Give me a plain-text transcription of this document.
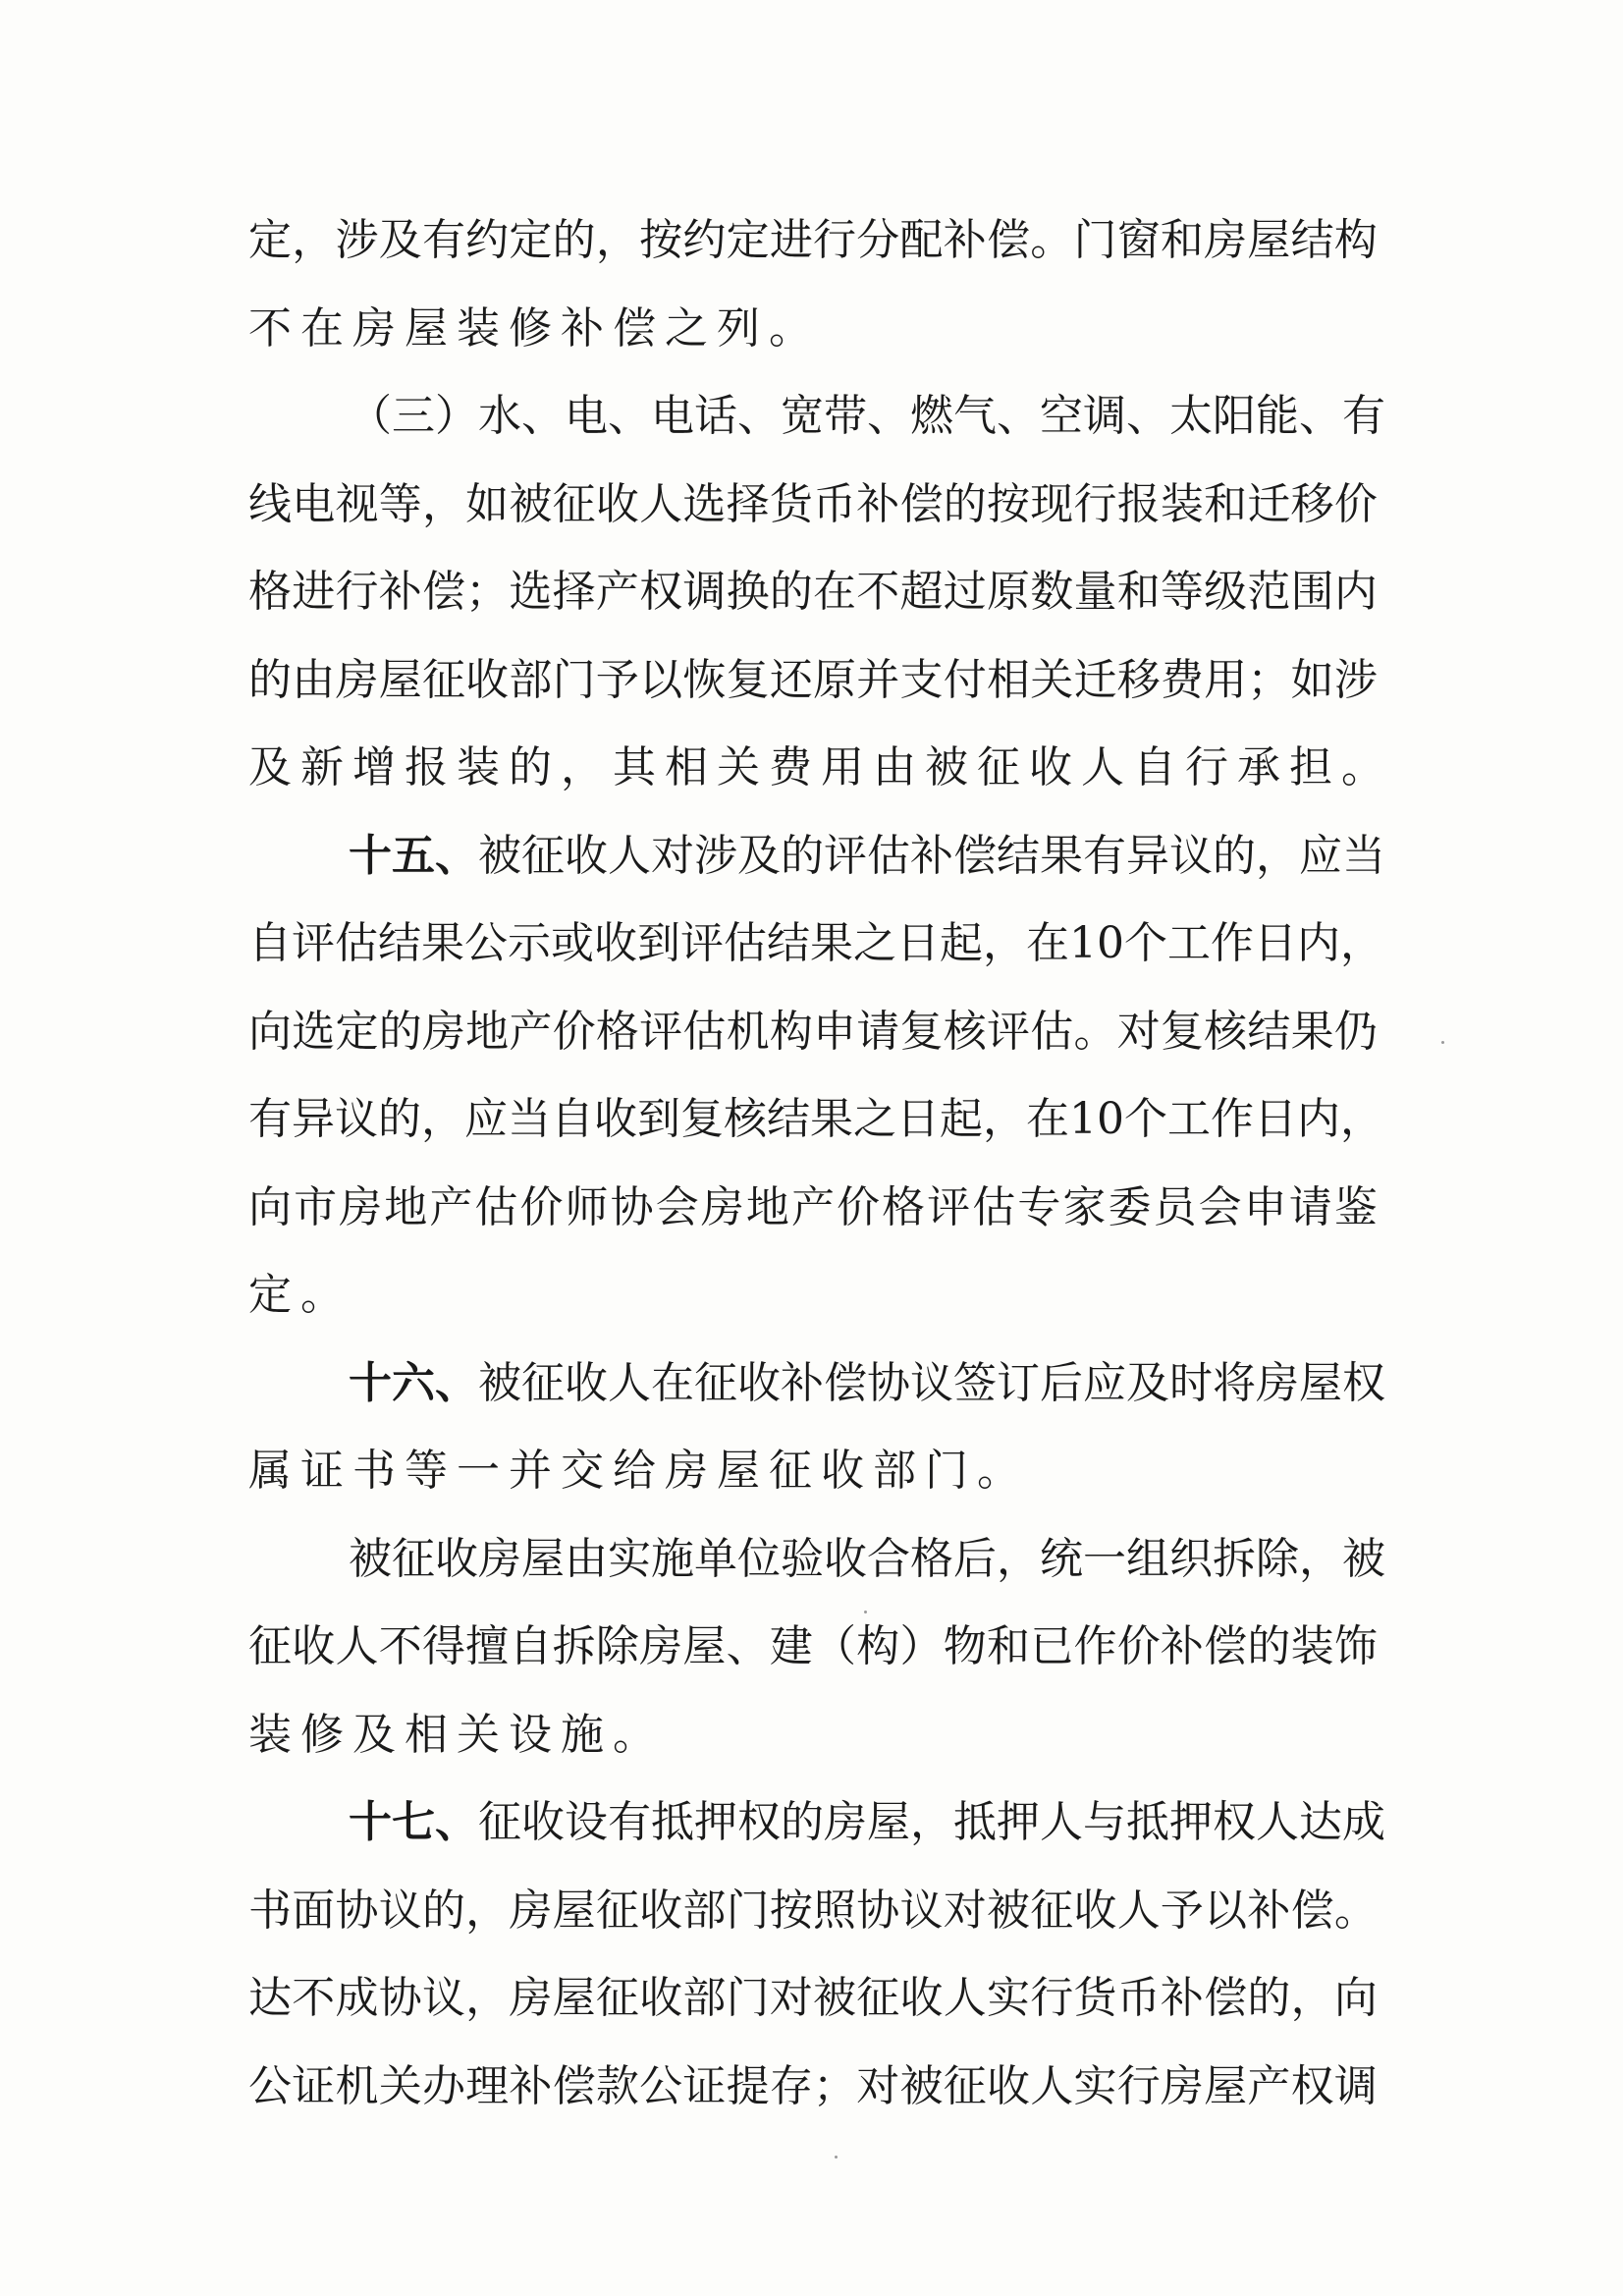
定 ， 涉 及 有 约 定 的 ， 按 约 定 进 行 分 配 补 偿 。 门 窗 和 房 屋 结 构
不在房屋装修补偿之列。
（ 三 ） 水 、 电 、 电 话 、 宽 带 、 燃 气 、 空 调 、 太 阳 能 、 有
线 电 视 等 ， 如 被 征 收 人 选 择 货 币 补 偿 的 按 现 行 报 装 和 迁 移 价
格 进 行 补 偿 ； 选 择 产 权 调 换 的 在 不 超 过 原 数 量 和 等 级 范 围 内
的 由 房 屋 征 收 部 门 予 以 恢 复 还 原 并 支 付 相 关 迁 移 费 用 ； 如 涉
及新增报装的，其相关费用由被征收人自行承担。
十 五 、 被 征 收 人 对 涉 及 的 评 估 补 偿 结 果 有 异 议 的 ， 应 当
自 评 估 结 果 公 示 或 收 到 评 估 结 果 之 日 起 ， 在 10 个 工 作 日 内 ，
向 选 定 的 房 地 产 价 格 评 估 机 构 申 请 复 核 评 估 。 对 复 核 结 果 仍
有 异 议 的 ， 应 当 自 收 到 复 核 结 果 之 日 起 ， 在 10 个 工 作 日 内 ，
向 市 房 地 产 估 价 师 协 会 房 地 产 价 格 评 估 专 家 委 员 会 申 请 鉴
定。
十 六 、 被 征 收 人 在 征 收 补 偿 协 议 签 订 后 应 及 时 将 房 屋 权
属证书等一并交给房屋征收部门。
被 征 收 房 屋 由 实 施 单 位 验 收 合 格 后 ， 统 一 组 织 拆 除 ， 被
征 收 人 不 得 擅 自 拆 除 房 屋 、 建 （ 构 ） 物 和 已 作 价 补 偿 的 装 饰
装修及相关设施。
十 七 、 征 收 设 有 抵 押 权 的 房 屋 ， 抵 押 人 与 抵 押 权 人 达 成
书 面 协 议 的 ， 房 屋 征 收 部 门 按 照 协 议 对 被 征 收 人 予 以 补 偿 。
达 不 成 协 议 ， 房 屋 征 收 部 门 对 被 征 收 人 实 行 货 币 补 偿 的 ， 向
公 证 机 关 办 理 补 偿 款 公 证 提 存 ； 对 被 征 收 人 实 行 房 屋 产 权 调
